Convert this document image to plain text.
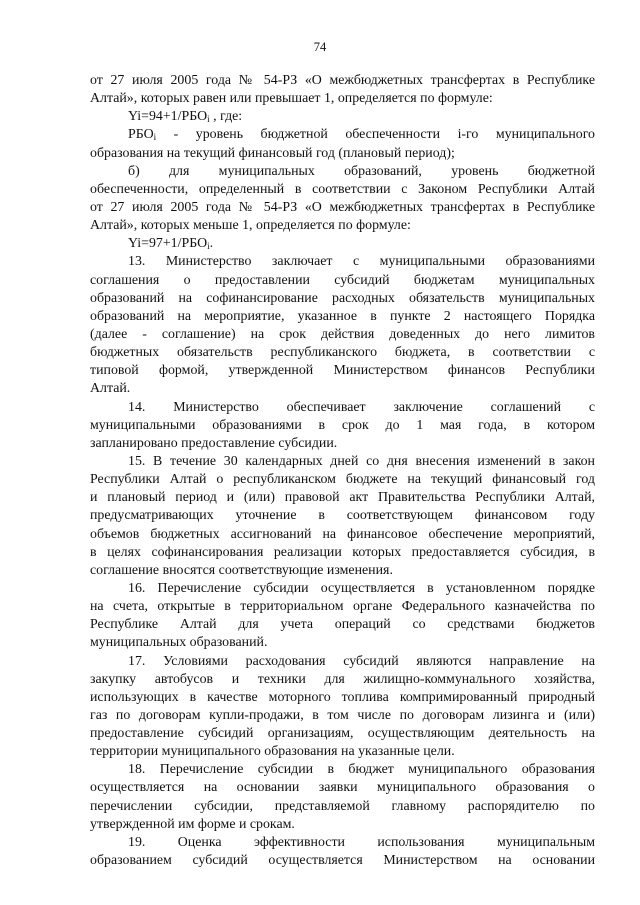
74
от 27 июля 2005 года № 54-РЗ «О межбюджетных трансфертах в Республике
Алтай», которых равен или превышает 1, определяется по формуле:
$Yi=94+1/РБО_i$ , где:
$РБО_i$ - уровень бюджетной обеспеченности i-го муниципального
образования на текущий финансовый год (плановый период);
б) для муниципальных образований, уровень бюджетной
обеспеченности, определенный в соответствии с Законом Республики Алтай
от 27 июля 2005 года № 54-РЗ «О межбюджетных трансфертах в Республике
Алтай», которых меньше 1, определяется по формуле:
$Yi=97+1/РБО_i$.
13. Министерство заключает с муниципальными образованиями
соглашения о предоставлении субсидий бюджетам муниципальных
образований на софинансирование расходных обязательств муниципальных
образований на мероприятие, указанное в пункте 2 настоящего Порядка
(далее - соглашение) на срок действия доведенных до него лимитов
бюджетных обязательств республиканского бюджета, в соответствии с
типовой формой, утвержденной Министерством финансов Республики
Алтай.
14. Министерство обеспечивает заключение соглашений с
муниципальными образованиями в срок до 1 мая года, в котором
запланировано предоставление субсидии.
15. В течение 30 календарных дней со дня внесения изменений в закон
Республики Алтай о республиканском бюджете на текущий финансовый год
и плановый период и (или) правовой акт Правительства Республики Алтай,
предусматривающих уточнение в соответствующем финансовом году
объемов бюджетных ассигнований на финансовое обеспечение мероприятий,
в целях софинансирования реализации которых предоставляется субсидия, в
соглашение вносятся соответствующие изменения.
16. Перечисление субсидии осуществляется в установленном порядке
на счета, открытые в территориальном органе Федерального казначейства по
Республике Алтай для учета операций со средствами бюджетов
муниципальных образований.
17. Условиями расходования субсидий являются направление на
закупку автобусов и техники для жилищно-коммунального хозяйства,
использующих в качестве моторного топлива компримированный природный
газ по договорам купли-продажи, в том числе по договорам лизинга и (или)
предоставление субсидий организациям, осуществляющим деятельность на
территории муниципального образования на указанные цели.
18. Перечисление субсидии в бюджет муниципального образования
осуществляется на основании заявки муниципального образования о
перечислении субсидии, представляемой главному распорядителю по
утвержденной им форме и срокам.
19. Оценка эффективности использования муниципальным
образованием субсидий осуществляется Министерством на основании
